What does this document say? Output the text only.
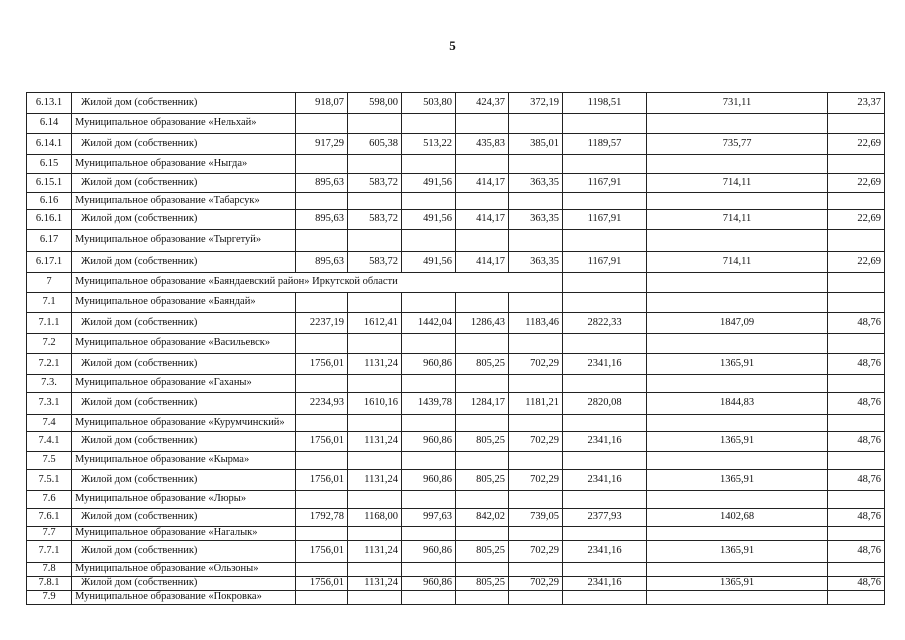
5
6.13.1	Жилой дом (собственник)	918,07	598,00	503,80	424,37	372,19	1198,51	731,11	23,37
6.14	Муниципальное образование «Нельхай»								
6.14.1	Жилой дом (собственник)	917,29	605,38	513,22	435,83	385,01	1189,57	735,77	22,69
6.15	Муниципальное образование «Ныгда»								
6.15.1	Жилой дом (собственник)	895,63	583,72	491,56	414,17	363,35	1167,91	714,11	22,69
6.16	Муниципальное образование «Табарсук»								
6.16.1	Жилой дом (собственник)	895,63	583,72	491,56	414,17	363,35	1167,91	714,11	22,69
6.17	Муниципальное образование «Тыргетуй»								
6.17.1	Жилой дом (собственник)	895,63	583,72	491,56	414,17	363,35	1167,91	714,11	22,69
7	Муниципальное образование «Баяндаевский район» Иркутской области								
7.1	Муниципальное образование «Баяндай»								
7.1.1	Жилой дом (собственник)	2237,19	1612,41	1442,04	1286,43	1183,46	2822,33	1847,09	48,76
7.2	Муниципальное образование «Васильевск»								
7.2.1	Жилой дом (собственник)	1756,01	1131,24	960,86	805,25	702,29	2341,16	1365,91	48,76
7.3.	Муниципальное образование «Гаханы»								
7.3.1	Жилой дом (собственник)	2234,93	1610,16	1439,78	1284,17	1181,21	2820,08	1844,83	48,76
7.4	Муниципальное образование «Курумчинский»								
7.4.1	Жилой дом (собственник)	1756,01	1131,24	960,86	805,25	702,29	2341,16	1365,91	48,76
7.5	Муниципальное образование «Кырма»								
7.5.1	Жилой дом (собственник)	1756,01	1131,24	960,86	805,25	702,29	2341,16	1365,91	48,76
7.6	Муниципальное образование «Люры»								
7.6.1	Жилой дом (собственник)	1792,78	1168,00	997,63	842,02	739,05	2377,93	1402,68	48,76
7.7	Муниципальное образование «Нагалык»								
7.7.1	Жилой дом (собственник)	1756,01	1131,24	960,86	805,25	702,29	2341,16	1365,91	48,76
7.8	Муниципальное образование «Ользоны»								
7.8.1	Жилой дом (собственник)	1756,01	1131,24	960,86	805,25	702,29	2341,16	1365,91	48,76
7.9	Муниципальное образование «Покровка»								
